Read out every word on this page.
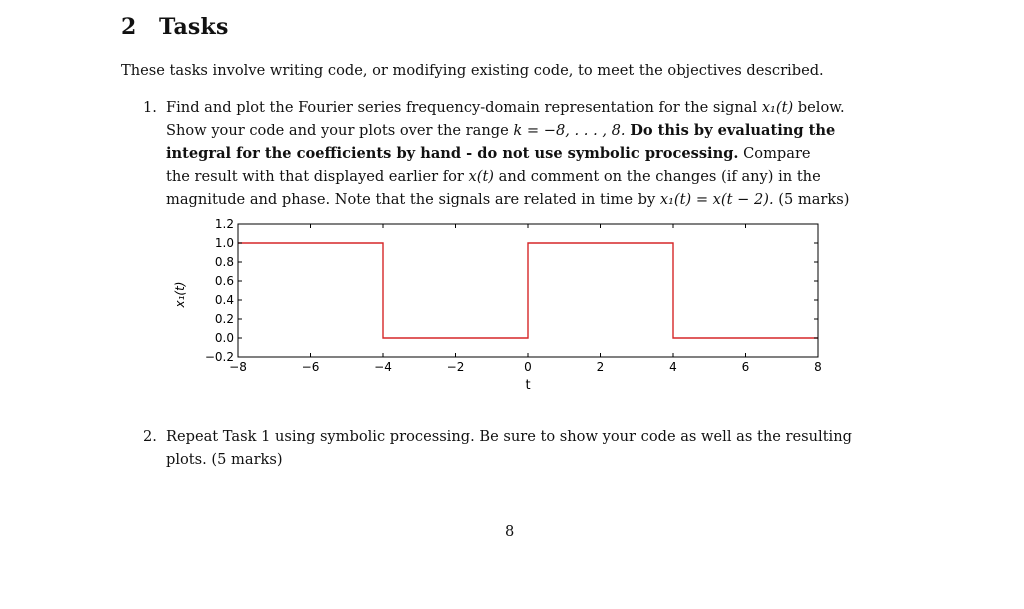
2 Tasks
These tasks involve writing code, or modifying existing code, to meet the objectives described.
1. Find and plot the Fourier series frequency-domain representation for the signal x₁(t) below.
Show your code and your plots over the range k = −8, . . . , 8. Do this by evaluating the
integral for the coefficients by hand - do not use symbolic processing. Compare
the result with that displayed earlier for x(t) and comment on the changes (if any) in the
magnitude and phase. Note that the signals are related in time by x₁(t) = x(t − 2). (5 marks)
−8	−6	−4	−2	0	2	4	6	8
1.2
1.0
0.8
0.6
0.4
0.2
0.0
−0.2
t
x₁(t)
2. Repeat Task 1 using symbolic processing. Be sure to show your code as well as the resulting
plots. (5 marks)
8
